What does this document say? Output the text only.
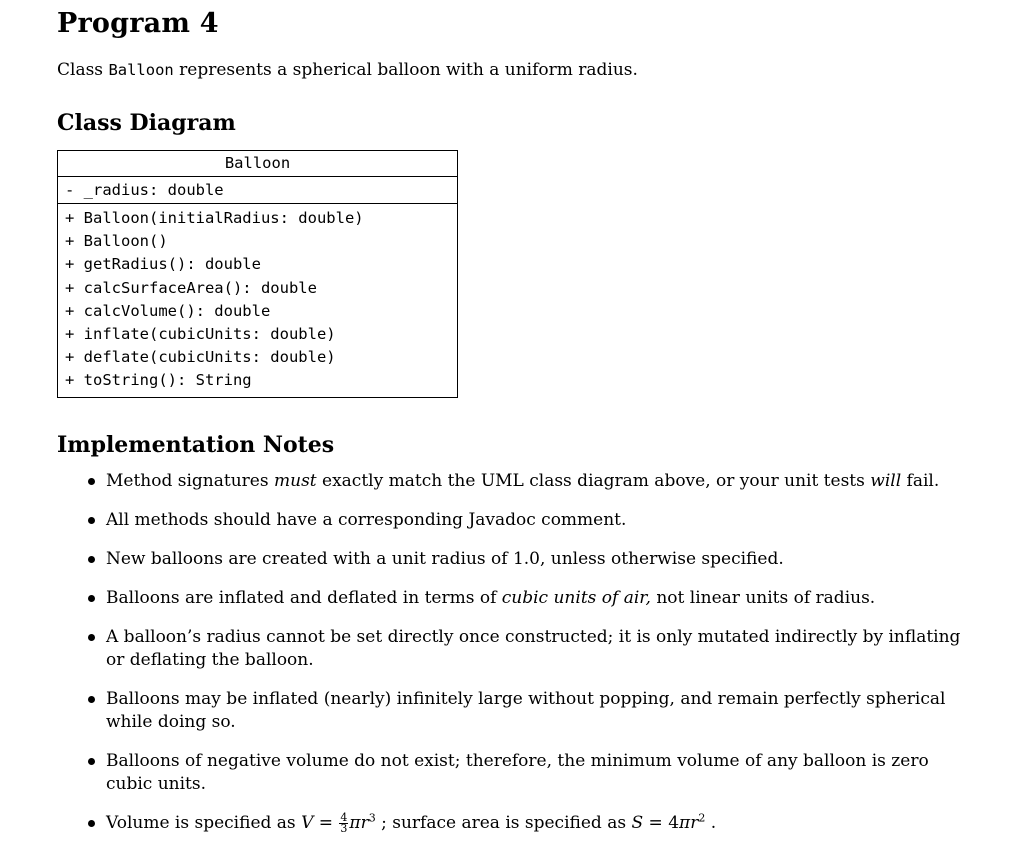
Program 4
Class Balloon represents a spherical balloon with a uniform radius.
Class Diagram
Balloon
- _radius: double
+ Balloon(initialRadius: double)
+ Balloon()
+ getRadius(): double
+ calcSurfaceArea(): double
+ calcVolume(): double
+ inflate(cubicUnits: double)
+ deflate(cubicUnits: double)
+ toString(): String
Implementation Notes
Method signatures must exactly match the UML class diagram above, or your unit tests will fail.
All methods should have a corresponding Javadoc comment.
New balloons are created with a unit radius of 1.0, unless otherwise specified.
Balloons are inflated and deflated in terms of cubic units of air, not linear units of radius.
A balloon’s radius cannot be set directly once constructed; it is only mutated indirectly by inflating or deflating the balloon.
Balloons may be inflated (nearly) infinitely large without popping, and remain perfectly spherical while doing so.
Balloons of negative volume do not exist; therefore, the minimum volume of any balloon is zero cubic units.
Volume is specified as $V = \frac{4}{3} \pi r^3$ ; surface area is specified as $S = 4\pi r^2$ .
